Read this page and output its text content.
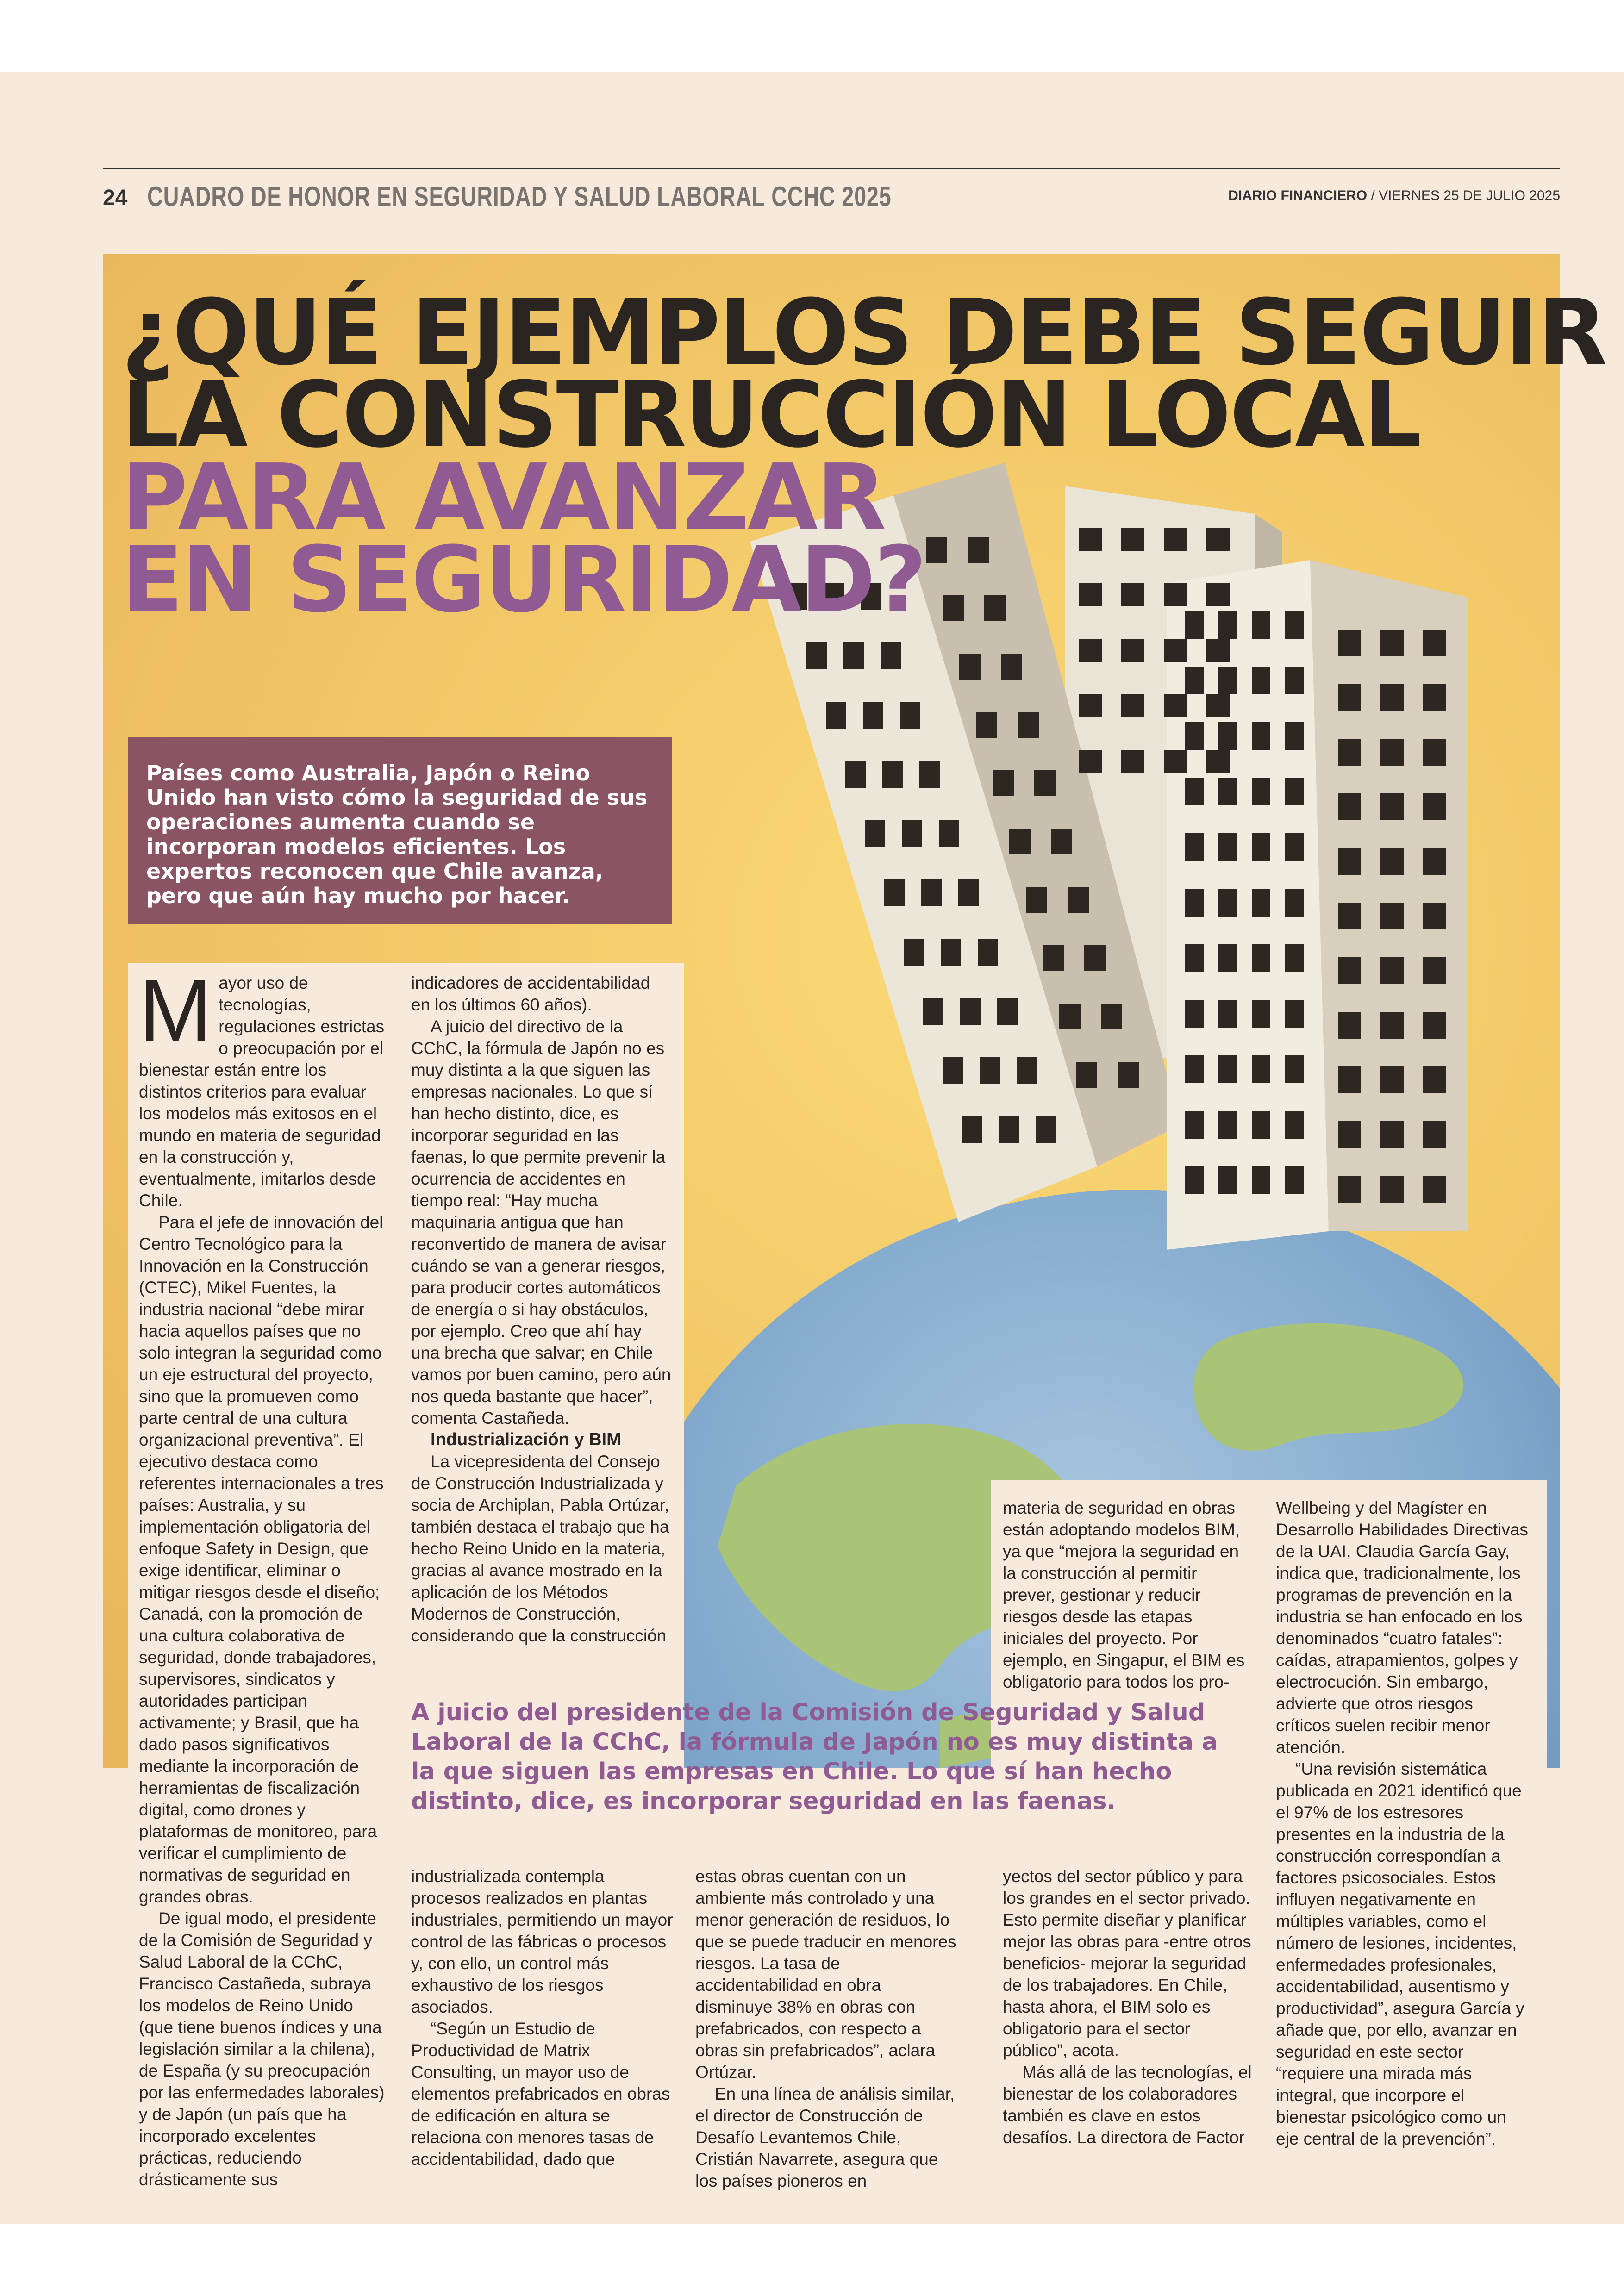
24 CUADRO DE HONOR EN SEGURIDAD Y SALUD LABORAL CCHC 2025	DIARIO FINANCIERO / VIERNES 25 DE JULIO 2025
¿QUÉ EJEMPLOS DEBE SEGUIR
LA CONSTRUCCIÓN LOCAL
PARA AVANZAR
EN SEGURIDAD?
Países como Australia, Japón o Reino Unido han visto cómo la seguridad de sus operaciones aumenta cuando se incorporan modelos eficientes. Los expertos reconocen que Chile avanza, pero que aún hay mucho por hacer.

Mayor uso de tecnologías, regulaciones estrictas o preocupación por el bienestar están entre los distintos criterios para evaluar los modelos más exitosos en el mundo en materia de seguridad en la construcción y, eventualmente, imitarlos desde Chile.

Para el jefe de innovación del Centro Tecnológico para la Innovación en la Construcción (CTEC), Mikel Fuentes, la industria nacional “debe mirar hacia aquellos países que no solo integran la seguridad como un eje estructural del proyecto, sino que la promueven como parte central de una cultura organizacional preventiva”. El ejecutivo destaca como referentes internacionales a tres países: Australia, y su implementación obligatoria del enfoque Safety in Design, que exige identificar, eliminar o mitigar riesgos desde el diseño; Canadá, con la promoción de una cultura colaborativa de seguridad, donde trabajadores, supervisores, sindicatos y autoridades participan activamente; y Brasil, que ha dado pasos significativos mediante la incorporación de herramientas de fiscalización digital, como drones y plataformas de monitoreo, para verificar el cumplimiento de normativas de seguridad en grandes obras.

De igual modo, el presidente de la Comisión de Seguridad y Salud Laboral de la CChC, Francisco Castañeda, subraya los modelos de Reino Unido (que tiene buenos índices y una legislación similar a la chilena), de España (y su preocupación por las enfermedades laborales) y de Japón (un país que ha incorporado excelentes prácticas, reduciendo drásticamente sus

indicadores de accidentabilidad en los últimos 60 años).

A juicio del directivo de la CChC, la fórmula de Japón no es muy distinta a la que siguen las empresas nacionales. Lo que sí han hecho distinto, dice, es incorporar seguridad en las faenas, lo que permite prevenir la ocurrencia de accidentes en tiempo real: “Hay mucha maquinaria antigua que han reconvertido de manera de avisar cuándo se van a generar riesgos, para producir cortes automáticos de energía o si hay obstáculos, por ejemplo. Creo que ahí hay una brecha que salvar; en Chile vamos por buen camino, pero aún nos queda bastante que hacer”, comenta Castañeda.

Industrialización y BIM

La vicepresidenta del Consejo de Construcción Industrializada y socia de Archiplan, Pabla Ortúzar, también destaca el trabajo que ha hecho Reino Unido en la materia, gracias al avance mostrado en la aplicación de los Métodos Modernos de Construcción, considerando que la construcción

materia de seguridad en obras están adoptando modelos BIM, ya que “mejora la seguridad en la construcción al permitir prever, gestionar y reducir riesgos desde las etapas iniciales del proyecto. Por ejemplo, en Singapur, el BIM es obligatorio para todos los pro-

Wellbeing y del Magíster en Desarrollo Habilidades Directivas de la UAI, Claudia García Gay, indica que, tradicionalmente, los programas de prevención en la industria se han enfocado en los denominados “cuatro fatales”: caídas, atrapamientos, golpes y electrocución. Sin embargo, advierte que otros riesgos críticos suelen recibir menor atención.

“Una revisión sistemática publicada en 2021 identificó que el 97% de los estresores presentes en la industria de la construcción correspondían a factores psicosociales. Estos influyen negativamente en múltiples variables, como el número de lesiones, incidentes, enfermedades profesionales, accidentabilidad, ausentismo y productividad”, asegura García y añade que, por ello, avanzar en seguridad en este sector “requiere una mirada más integral, que incorpore el bienestar psicológico como un eje central de la prevención”.

A juicio del presidente de la Comisión de Seguridad y Salud Laboral de la CChC, la fórmula de Japón no es muy distinta a la que siguen las empresas en Chile. Lo que sí han hecho distinto, dice, es incorporar seguridad en las faenas.

industrializada contempla procesos realizados en plantas industriales, permitiendo un mayor control de las fábricas o procesos y, con ello, un control más exhaustivo de los riesgos asociados.

“Según un Estudio de Productividad de Matrix Consulting, un mayor uso de elementos prefabricados en obras de edificación en altura se relaciona con menores tasas de accidentabilidad, dado que

estas obras cuentan con un ambiente más controlado y una menor generación de residuos, lo que se puede traducir en menores riesgos. La tasa de accidentabilidad en obra disminuye 38% en obras con prefabricados, con respecto a obras sin prefabricados”, aclara Ortúzar.

En una línea de análisis similar, el director de Construcción de Desafío Levantemos Chile, Cristián Navarrete, asegura que los países pioneros en

yectos del sector público y para los grandes en el sector privado. Esto permite diseñar y planificar mejor las obras para -entre otros beneficios- mejorar la seguridad de los trabajadores. En Chile, hasta ahora, el BIM solo es obligatorio para el sector público”, acota.

Más allá de las tecnologías, el bienestar de los colaboradores también es clave en estos desafíos. La directora de Factor
